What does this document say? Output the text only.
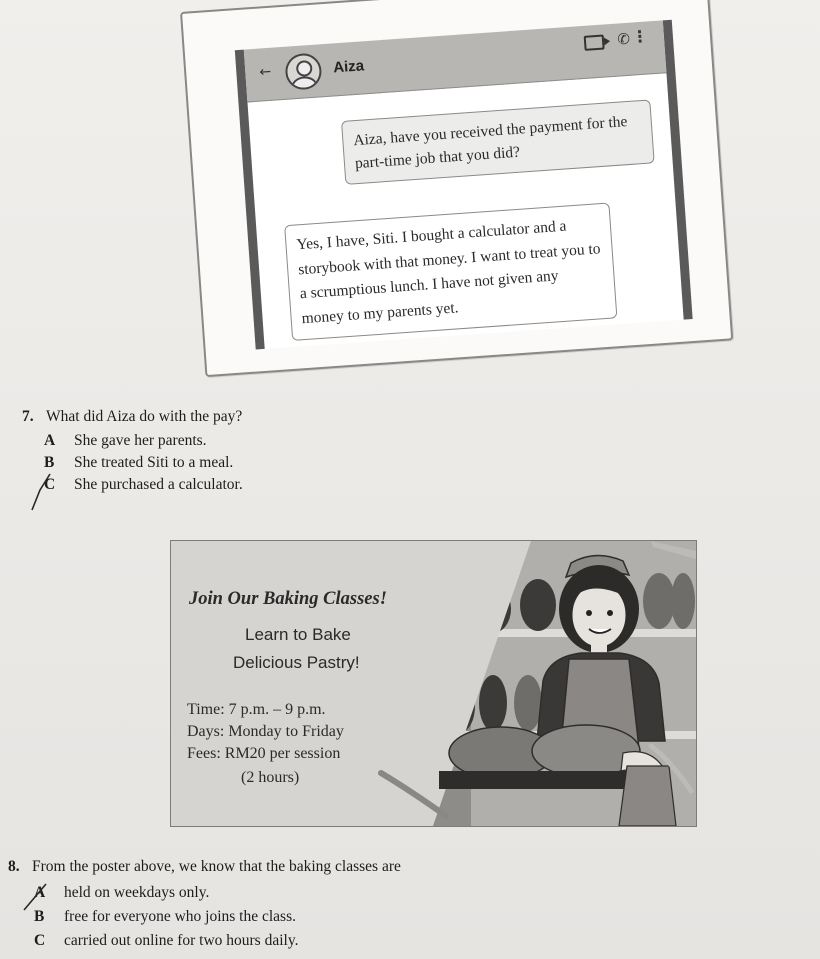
←	Aiza
✆ ⋮
Aiza, have you received the payment for the part-time job that you did?
Yes, I have, Siti. I bought a calculator and a storybook with that money. I want to treat you to a scrumptious lunch. I have not given any money to my parents yet.
7. What did Aiza do with the pay?
A She gave her parents.
B She treated Siti to a meal.
C She purchased a calculator.
Join Our Baking Classes!
Learn to Bake
Delicious Pastry!
Time: 7 p.m. – 9 p.m.
Days: Monday to Friday
Fees: RM20 per session
(2 hours)
8. From the poster above, we know that the baking classes are
A held on weekdays only.
B free for everyone who joins the class.
C carried out online for two hours daily.
